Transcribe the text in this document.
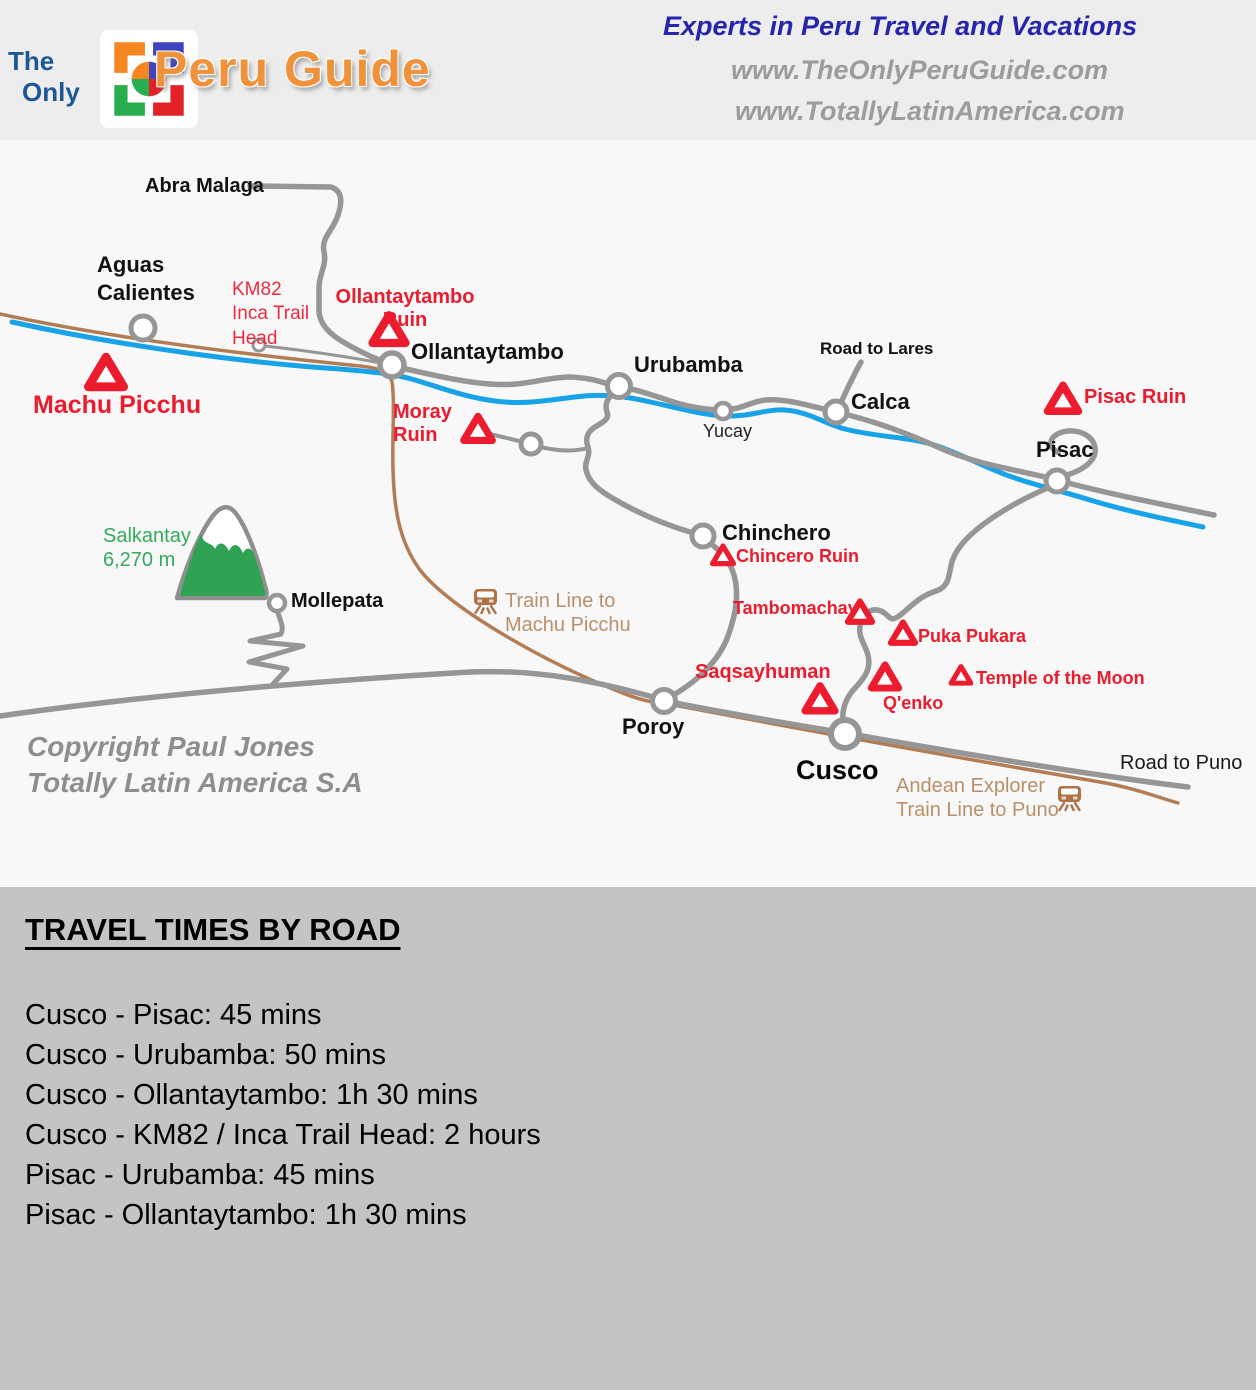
The
Only Peru Guide
Experts in Peru Travel and Vacations
www.TheOnlyPeruGuide.com
www.TotallyLatinAmerica.com
Abra Malaga
Aguas
Calientes
Machu Picchu
KM82
Inca Trail
Head
Ollantaytambo
Ruin
Ollantaytambo
Moray
Ruin
Urubamba
Road to Lares
Calca
Yucay
Pisac Ruin
Pisac
Chinchero
Chincero Ruin
Salkantay
6,270 m
Mollepata	Train Line to
Machu Picchu
Tambomachay
Puka Pukara
Saqsayhuman	Temple of the Moon
Q'enko
Poroy
Cusco	Road to Puno
Andean Explorer
Train Line to Puno
Copyright Paul Jones
Totally Latin America S.A
TRAVEL TIMES BY ROAD
Cusco - Pisac: 45 mins
Cusco - Urubamba: 50 mins
Cusco - Ollantaytambo: 1h 30 mins
Cusco - KM82 / Inca Trail Head: 2 hours
Pisac - Urubamba: 45 mins
Pisac - Ollantaytambo: 1h 30 mins
